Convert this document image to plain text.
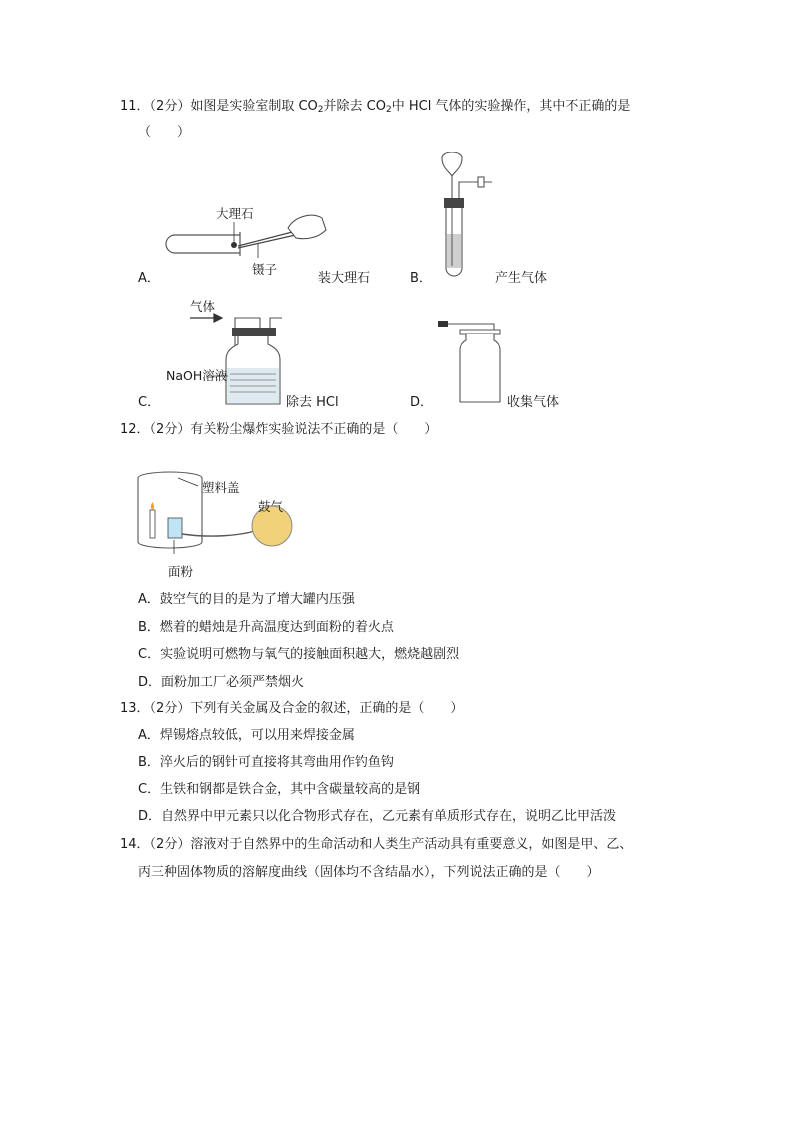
11．（2分）如图是实验室制取 $CO_2$并除去 $CO_2$中 HCl 气体的实验操作，其中不正确的是
（　　）
大理石
镊子
A．	装大理石	B．	产生气体
气体
NaOH溶液
C．	除去 HCl	D．	收集气体
12．（2分）有关粉尘爆炸实验说法不正确的是（　　）
塑料盖
鼓气
面粉
A．鼓空气的目的是为了增大罐内压强
B．燃着的蜡烛是升高温度达到面粉的着火点
C．实验说明可燃物与氧气的接触面积越大，燃烧越剧烈
D．面粉加工厂必须严禁烟火
13．（2分）下列有关金属及合金的叙述，正确的是（　　）
A．焊锡熔点较低，可以用来焊接金属
B．淬火后的钢针可直接将其弯曲用作钓鱼钩
C．生铁和钢都是铁合金，其中含碳量较高的是钢
D．自然界中甲元素只以化合物形式存在，乙元素有单质形式存在，说明乙比甲活泼
14．（2分）溶液对于自然界中的生命活动和人类生产活动具有重要意义，如图是甲、乙、
丙三种固体物质的溶解度曲线（固体均不含结晶水），下列说法正确的是（　　）
